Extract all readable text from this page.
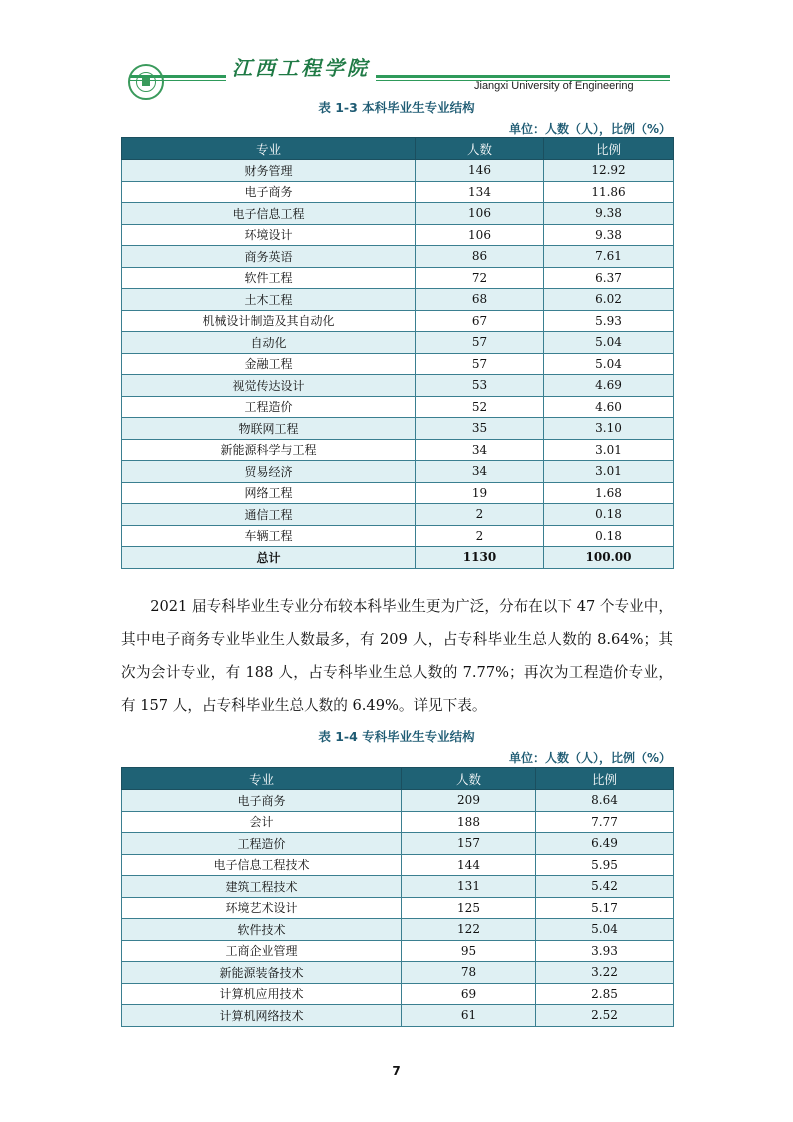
江西工程学院
Jiangxi University of Engineering
表 1-3 本科毕业生专业结构
单位：人数（人），比例（%）
专业	人数	比例
财务管理	146	12.92
电子商务	134	11.86
电子信息工程	106	9.38
环境设计	106	9.38
商务英语	86	7.61
软件工程	72	6.37
土木工程	68	6.02
机械设计制造及其自动化	67	5.93
自动化	57	5.04
金融工程	57	5.04
视觉传达设计	53	4.69
工程造价	52	4.60
物联网工程	35	3.10
新能源科学与工程	34	3.01
贸易经济	34	3.01
网络工程	19	1.68
通信工程	2	0.18
车辆工程	2	0.18
总计	1130	100.00

2021 届专科毕业生专业分布较本科毕业生更为广泛，分布在以下 47 个专业中，其中电子商务专业毕业生人数最多，有 209 人，占专科毕业生总人数的 8.64%；其次为会计专业，有 188 人，占专科毕业生总人数的 7.77%；再次为工程造价专业，有 157 人，占专科毕业生总人数的 6.49%。详见下表。

表 1-4 专科毕业生专业结构
单位：人数（人），比例（%）
专业	人数	比例
电子商务	209	8.64
会计	188	7.77
工程造价	157	6.49
电子信息工程技术	144	5.95
建筑工程技术	131	5.42
环境艺术设计	125	5.17
软件技术	122	5.04
工商企业管理	95	3.93
新能源装备技术	78	3.22
计算机应用技术	69	2.85
计算机网络技术	61	2.52
7
